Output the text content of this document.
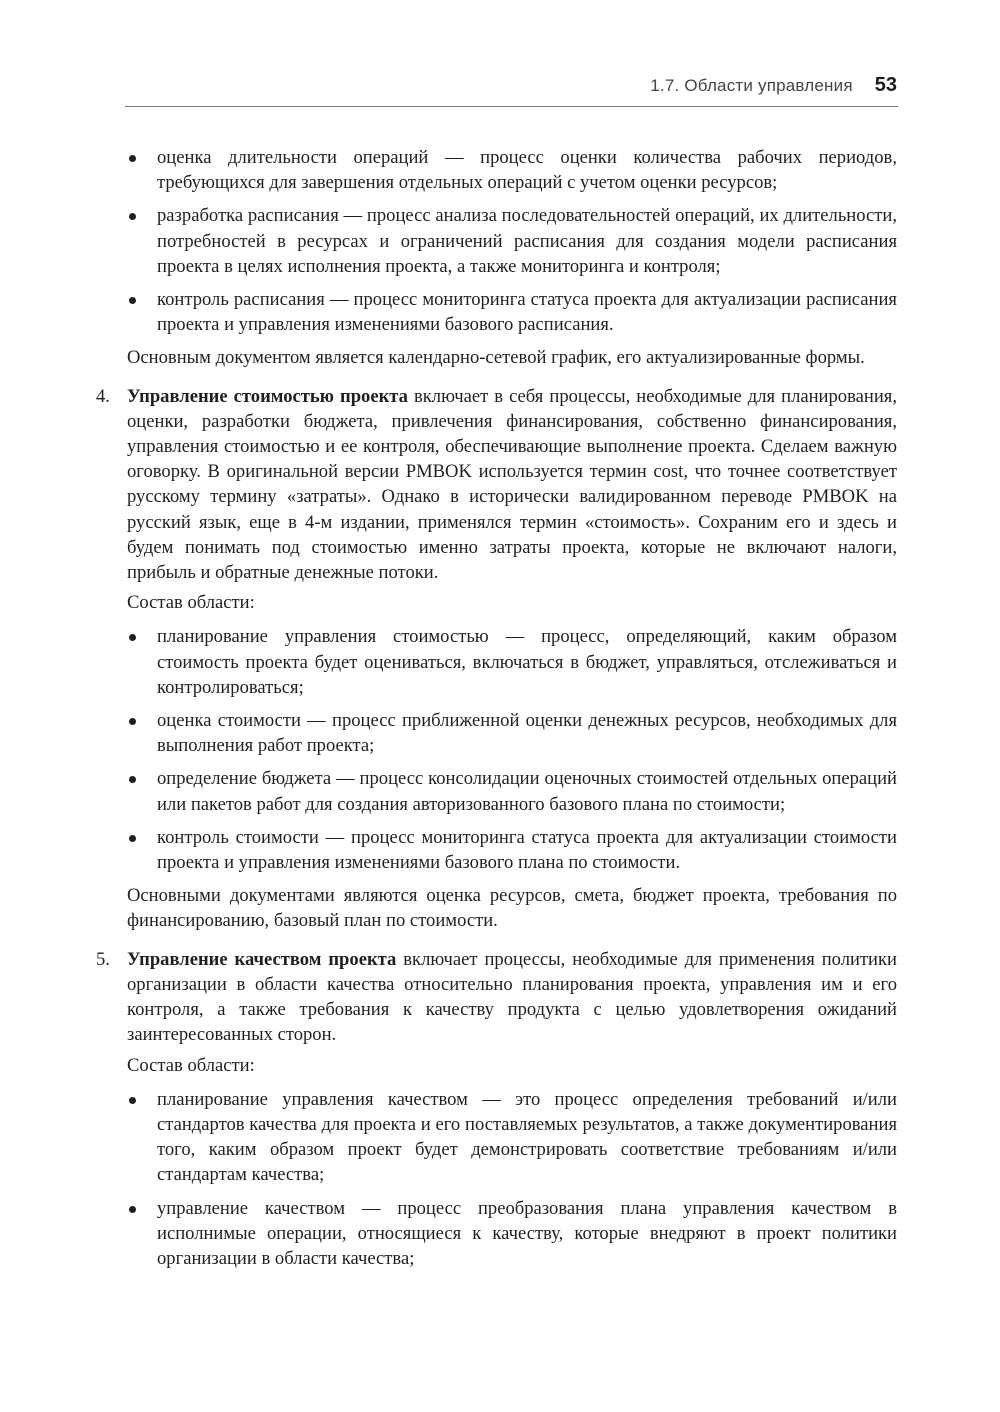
1.7. Области управления 53

оценка длительности операций — процесс оценки количества рабочих периодов, требующихся для завершения отдельных операций с учетом оценки ресурсов;

разработка расписания — процесс анализа последовательностей операций, их длительности, потребностей в ресурсах и ограничений расписания для создания модели расписания проекта в целях исполнения проекта, а также мониторинга и контроля;

контроль расписания — процесс мониторинга статуса проекта для актуализации расписания проекта и управления изменениями базового расписания.

Основным документом является календарно-сетевой график, его актуализированные формы.

4. Управление стоимостью проекта включает в себя процессы, необходимые для планирования, оценки, разработки бюджета, привлечения финансирования, собственно финансирования, управления стоимостью и ее контроля, обеспечивающие выполнение проекта. Сделаем важную оговорку. В оригинальной версии PMBOK используется термин cost, что точнее соответствует русскому термину «затраты». Однако в исторически валидированном переводе PMBOK на русский язык, еще в 4-м издании, применялся термин «стоимость». Сохраним его и здесь и будем понимать под стоимостью именно затраты проекта, которые не включают налоги, прибыль и обратные денежные потоки.

Состав области:

планирование управления стоимостью — процесс, определяющий, каким образом стоимость проекта будет оцениваться, включаться в бюджет, управляться, отслеживаться и контролироваться;

оценка стоимости — процесс приближенной оценки денежных ресурсов, необходимых для выполнения работ проекта;

определение бюджета — процесс консолидации оценочных стоимостей отдельных операций или пакетов работ для создания авторизованного базового плана по стоимости;

контроль стоимости — процесс мониторинга статуса проекта для актуализации стоимости проекта и управления изменениями базового плана по стоимости.

Основными документами являются оценка ресурсов, смета, бюджет проекта, требования по финансированию, базовый план по стоимости.

5. Управление качеством проекта включает процессы, необходимые для применения политики организации в области качества относительно планирования проекта, управления им и его контроля, а также требования к качеству продукта с целью удовлетворения ожиданий заинтересованных сторон.

Состав области:

планирование управления качеством — это процесс определения требований и/или стандартов качества для проекта и его поставляемых результатов, а также документирования того, каким образом проект будет демонстрировать соответствие требованиям и/или стандартам качества;

управление качеством — процесс преобразования плана управления качеством в исполнимые операции, относящиеся к качеству, которые внедряют в проект политики организации в области качества;
